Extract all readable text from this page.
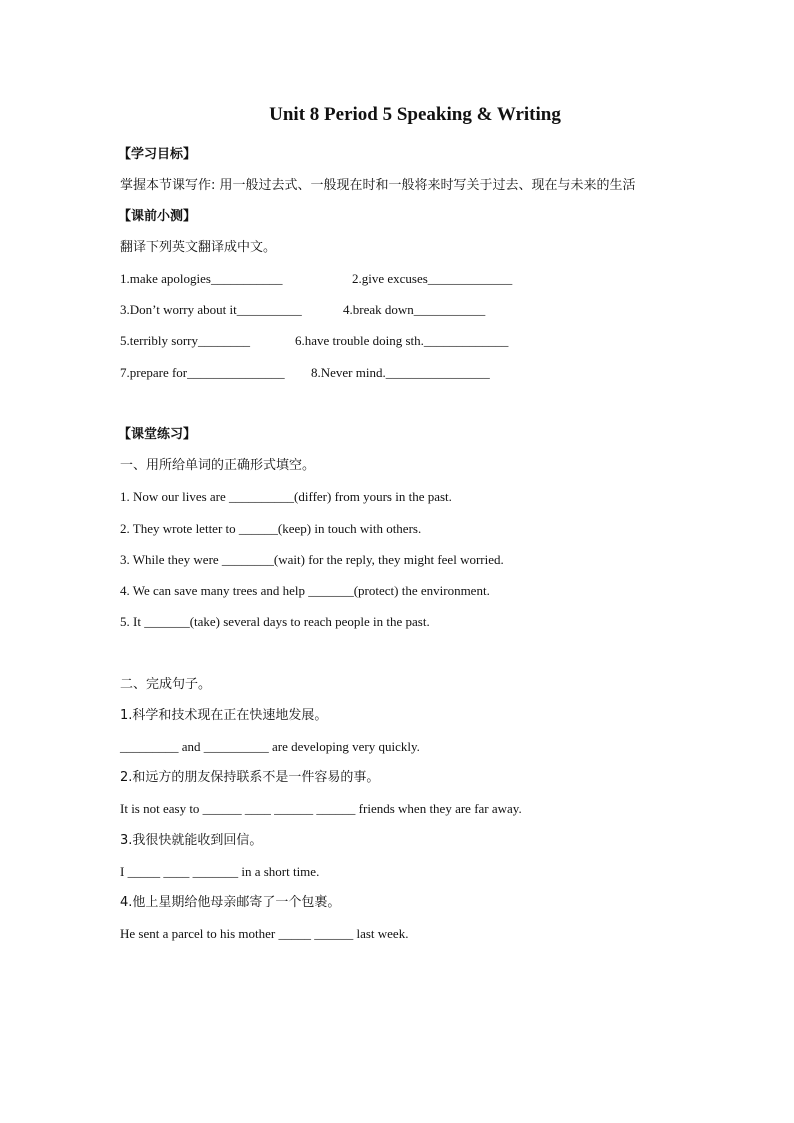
Unit 8 Period 5 Speaking & Writing
【学习目标】
掌握本节课写作: 用一般过去式、一般现在时和一般将来时写关于过去、现在与未来的生活
【课前小测】
翻译下列英文翻译成中文。
1.make apologies___________	2.give excuses_____________
3.Don’t worry about it__________	4.break down___________
5.terribly sorry________	6.have trouble doing sth._____________
7.prepare for_______________ 8.Never mind.________________
【课堂练习】
一、用所给单词的正确形式填空。
1. Now our lives are __________(differ) from yours in the past.
2. They wrote letter to ______(keep) in touch with others.
3. While they were ________(wait) for the reply, they might feel worried.
4. We can save many trees and help _______(protect) the environment.
5. It _______(take) several days to reach people in the past.
二、完成句子。
1.科学和技术现在正在快速地发展。
_________ and __________ are developing very quickly.
2.和远方的朋友保持联系不是一件容易的事。
It is not easy to ______ ____ ______ ______ friends when they are far away.
3.我很快就能收到回信。
I _____ ____ _______ in a short time.
4.他上星期给他母亲邮寄了一个包裹。
He sent a parcel to his mother _____ ______ last week.
